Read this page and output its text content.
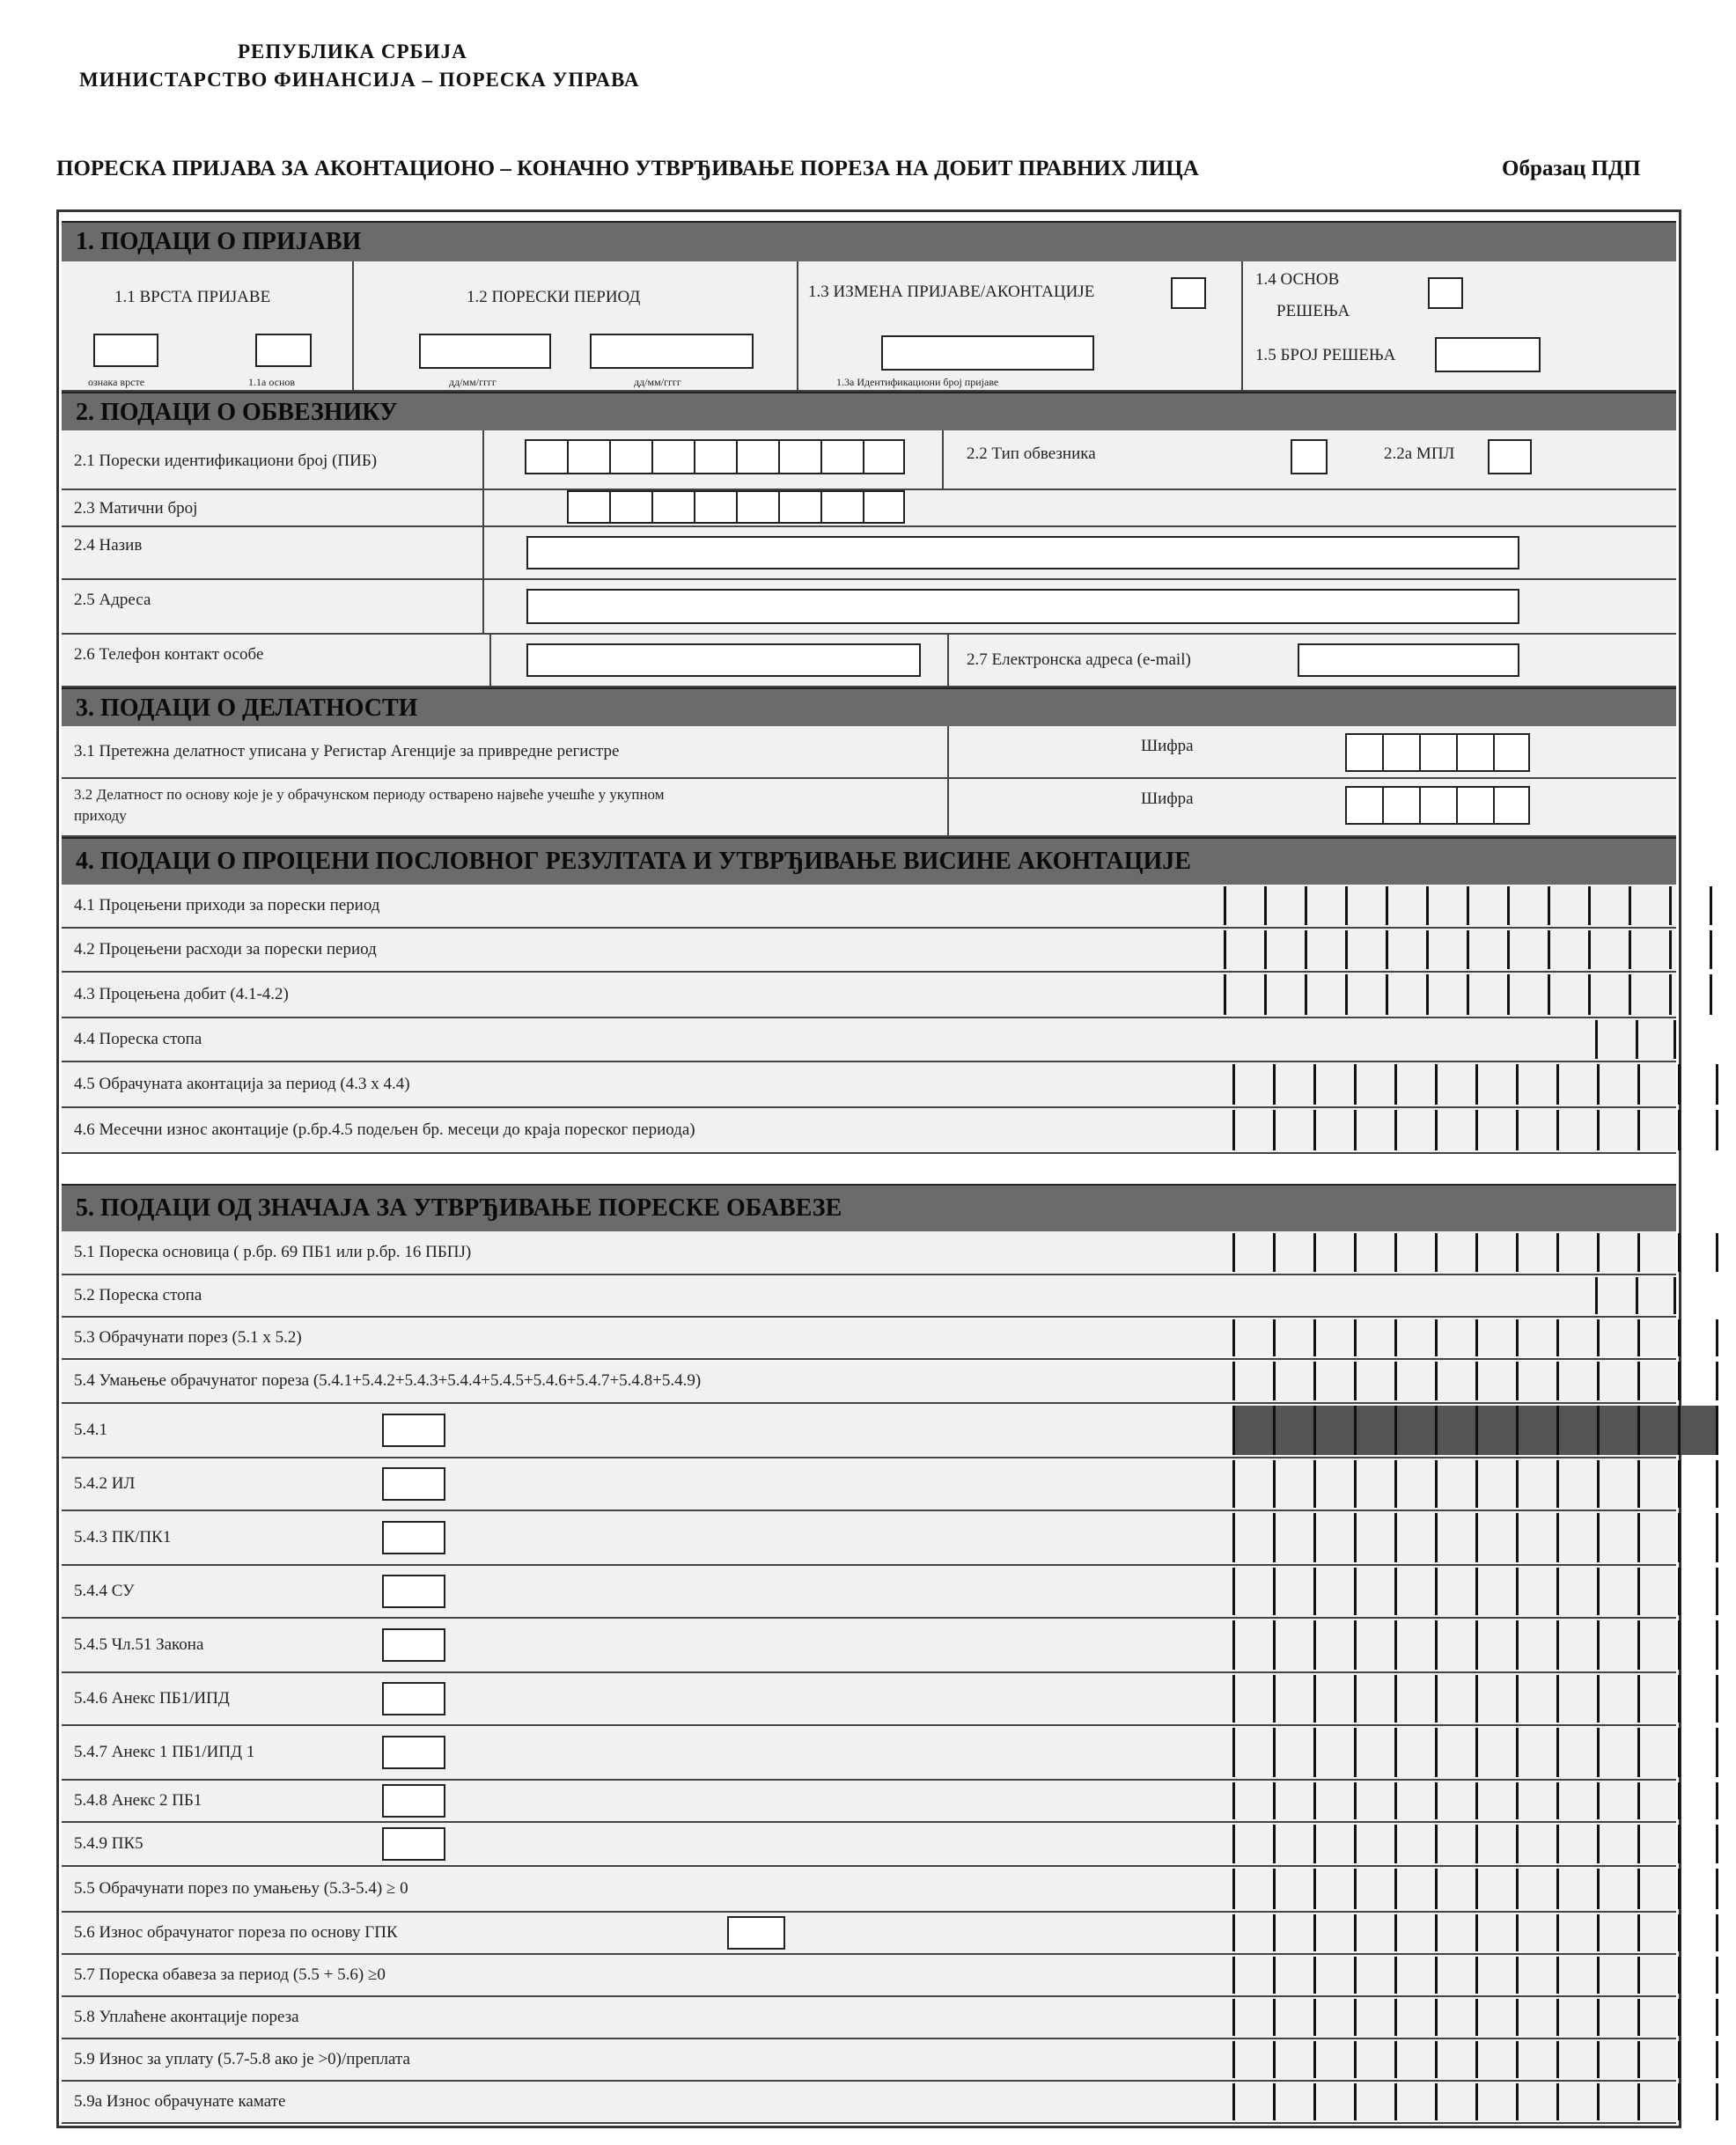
РЕПУБЛИКА СРБИЈА
МИНИСТАРСТВО ФИНАНСИЈА – ПОРЕСКА УПРАВА
ПОРЕСКА ПРИЈАВА ЗА АКОНТАЦИОНО – КОНАЧНО УТВРЂИВАЊЕ ПОРЕЗА НА ДОБИТ ПРАВНИХ ЛИЦА	Образац ПДП
1. ПОДАЦИ О ПРИЈАВИ
1.1 ВРСТА ПРИЈАВЕ
ознака врсте	1.1а основ
1.2 ПОРЕСКИ ПЕРИОД
дд/мм/гггг	дд/мм/гггг
1.3 ИЗМЕНА ПРИЈАВЕ/АКОНТАЦИЈЕ
1.3а Идентификациони број пријаве
1.4 ОСНОВ
РЕШЕЊА
1.5 БРОЈ РЕШЕЊА
2. ПОДАЦИ О ОБВЕЗНИКУ
2.1 Порески идентификациони број (ПИБ)	2.2 Тип обвезника	2.2а МПЛ
2.3 Матични број
2.4 Назив
2.5 Адреса
2.6 Телефон контакт особе	2.7 Електронска адреса (e-mail)
3. ПОДАЦИ О ДЕЛАТНОСТИ
3.1 Претежна делатност уписана у Регистар Агенције за привредне регистре	Шифра
3.2 Делатност по основу које је у обрачунском периоду остварено највеће учешће у укупном
приходу
Шифра
4. ПОДАЦИ О ПРОЦЕНИ ПОСЛОВНОГ РЕЗУЛТАТА И УТВРЂИВАЊЕ ВИСИНЕ АКОНТАЦИЈЕ
4.1 Процењени приходи за порески период
4.2 Процењени расходи за порески период
4.3 Процењена добит (4.1-4.2)
4.4 Пореска стопа
4.5 Обрачуната аконтација за период (4.3 х 4.4)
4.6 Месечни износ аконтације (р.бр.4.5 подељен бр. месеци до краја пореског периода)
5. ПОДАЦИ ОД ЗНАЧАЈА ЗА УТВРЂИВАЊЕ ПОРЕСКЕ ОБАВЕЗЕ
5.1 Пореска основица ( р.бр. 69 ПБ1 или р.бр. 16 ПБПЈ)
5.2 Пореска стопа
5.3 Обрачунати порез (5.1 х 5.2)
5.4 Умањење обрачунатог пореза (5.4.1+5.4.2+5.4.3+5.4.4+5.4.5+5.4.6+5.4.7+5.4.8+5.4.9)
5.4.1
5.4.2 ИЛ
5.4.3 ПК/ПК1
5.4.4 СУ
5.4.5 Чл.51 Закона
5.4.6 Анекс ПБ1/ИПД
5.4.7 Анекс 1 ПБ1/ИПД 1
5.4.8 Анекс 2 ПБ1
5.4.9 ПК5
5.5 Обрачунати порез по умањењу (5.3-5.4) ≥ 0
5.6 Износ обрачунатог пореза по основу ГПК
5.7 Пореска обавеза за период (5.5 + 5.6) ≥0
5.8 Уплаћене аконтације пореза
5.9 Износ за уплату (5.7-5.8 ако је >0)/преплата
5.9а Износ обрачунате камате
